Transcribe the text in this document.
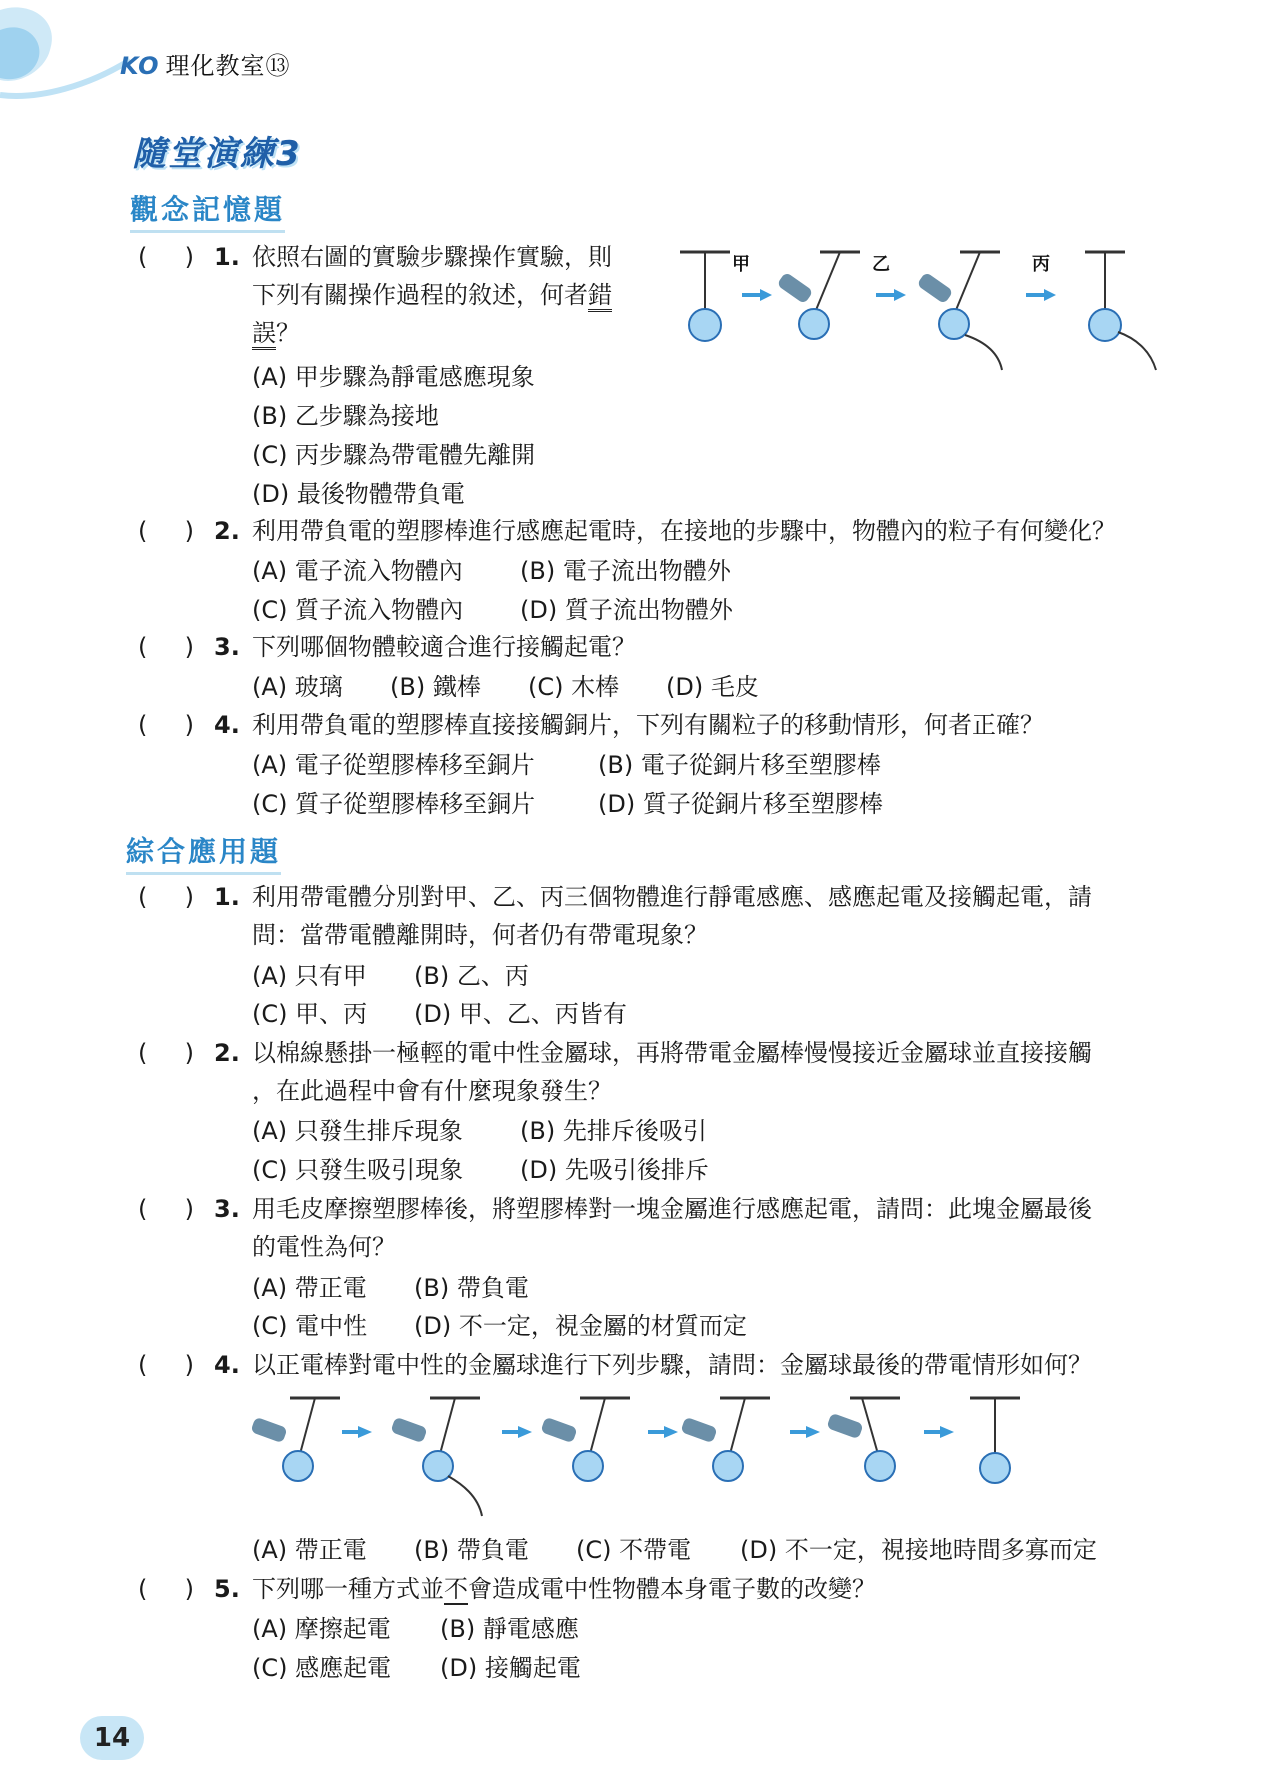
KO 理化教室⑬
隨堂演練3
觀念記憶題
( ) 1. 依照右圖的實驗步驟操作實驗，則
下列有關操作過程的敘述，何者錯
誤？
(A) 甲步驟為靜電感應現象
(B) 乙步驟為接地
(C) 丙步驟為帶電體先離開
(D) 最後物體帶負電
甲	乙	丙
( ) 2. 利用帶負電的塑膠棒進行感應起電時，在接地的步驟中，物體內的粒子有何變化？
(A) 電子流入物體內 (B) 電子流出物體外
(C) 質子流入物體內 (D) 質子流出物體外
( ) 3. 下列哪個物體較適合進行接觸起電？
(A) 玻璃 (B) 鐵棒 (C) 木棒 (D) 毛皮
( ) 4. 利用帶負電的塑膠棒直接接觸銅片，下列有關粒子的移動情形，何者正確？
(A) 電子從塑膠棒移至銅片	(B) 電子從銅片移至塑膠棒
(C) 質子從塑膠棒移至銅片	(D) 質子從銅片移至塑膠棒
綜合應用題
( ) 1. 利用帶電體分別對甲、乙、丙三個物體進行靜電感應、感應起電及接觸起電，請
問：當帶電體離開時，何者仍有帶電現象？
(A) 只有甲 (B) 乙、丙
(C) 甲、丙 (D) 甲、乙、丙皆有
( ) 2. 以棉線懸掛一極輕的電中性金屬球，再將帶電金屬棒慢慢接近金屬球並直接接觸
，在此過程中會有什麼現象發生？
(A) 只發生排斥現象 (B) 先排斥後吸引
(C) 只發生吸引現象 (D) 先吸引後排斥
( ) 3. 用毛皮摩擦塑膠棒後，將塑膠棒對一塊金屬進行感應起電，請問：此塊金屬最後
的電性為何？
(A) 帶正電 (B) 帶負電
(C) 電中性 (D) 不一定，視金屬的材質而定
( ) 4. 以正電棒對電中性的金屬球進行下列步驟，請問：金屬球最後的帶電情形如何？
(A) 帶正電 (B) 帶負電 (C) 不帶電 (D) 不一定，視接地時間多寡而定
( ) 5. 下列哪一種方式並不會造成電中性物體本身電子數的改變？
(A) 摩擦起電 (B) 靜電感應
(C) 感應起電 (D) 接觸起電
14
